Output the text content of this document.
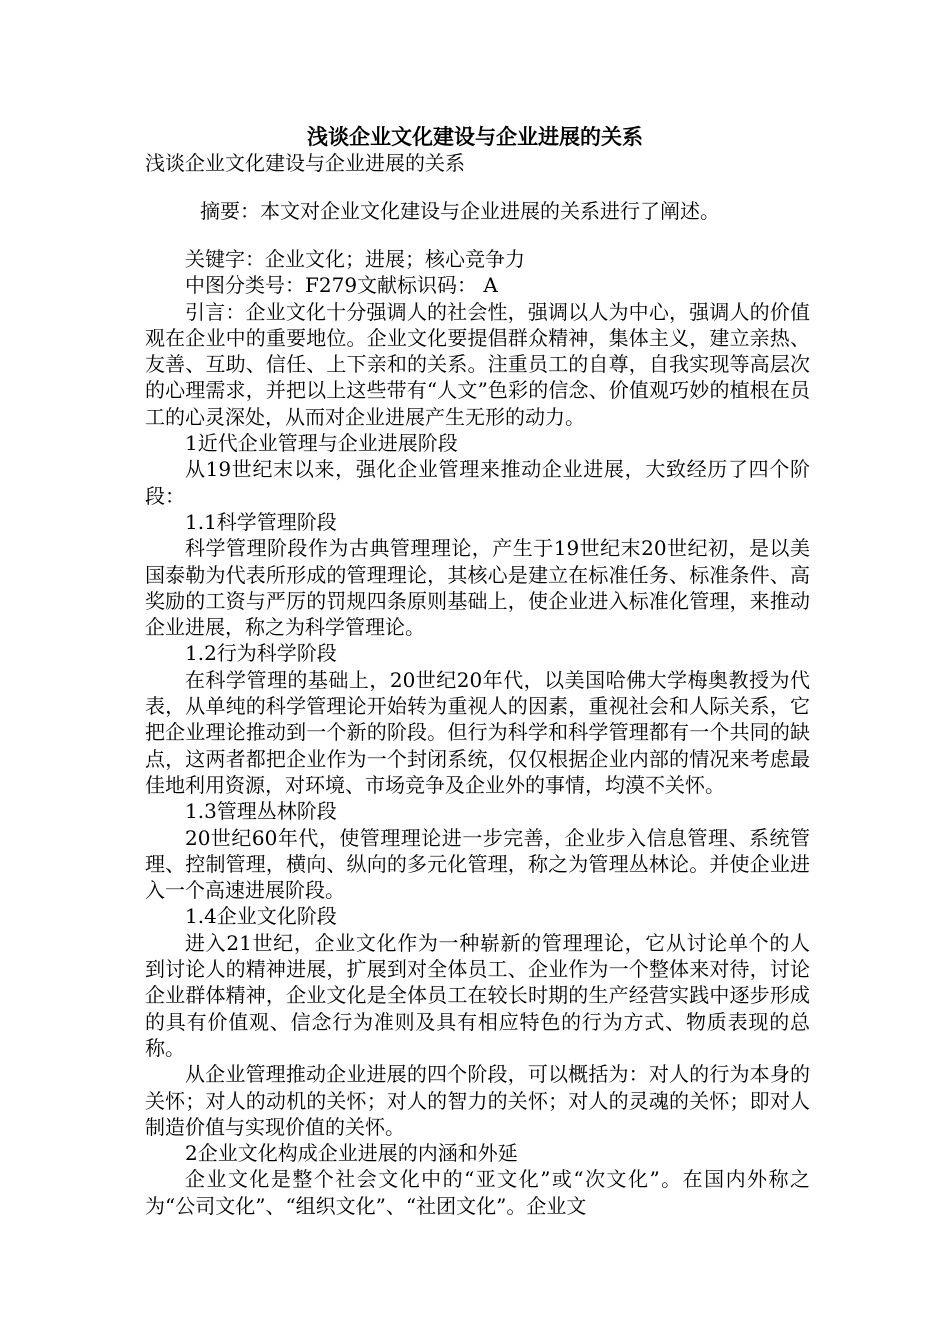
浅谈企业文化建设与企业进展的关系
浅谈企业文化建设与企业进展的关系
摘要：本文对企业文化建设与企业进展的关系进行了阐述。

关键字：企业文化；进展；核心竞争力

中图分类号：F279文献标识码： A

引言：企业文化十分强调人的社会性，强调以人为中心，强调人的价值观在企业中的重要地位。企业文化要提倡群众精神，集体主义，建立亲热、友善、互助、信任、上下亲和的关系。注重员工的自尊，自我实现等高层次的心理需求，并把以上这些带有“人文”色彩的信念、价值观巧妙的植根在员工的心灵深处，从而对企业进展产生无形的动力。

1近代企业管理与企业进展阶段

从19世纪末以来，强化企业管理来推动企业进展，大致经历了四个阶段：

1.1科学管理阶段

科学管理阶段作为古典管理理论，产生于19世纪末20世纪初，是以美国泰勒为代表所形成的管理理论，其核心是建立在标准任务、标准条件、高奖励的工资与严厉的罚规四条原则基础上，使企业进入标准化管理，来推动企业进展，称之为科学管理论。

1.2行为科学阶段

在科学管理的基础上，20世纪20年代，以美国哈佛大学梅奥教授为代表，从单纯的科学管理论开始转为重视人的因素，重视社会和人际关系，它把企业理论推动到一个新的阶段。但行为科学和科学管理都有一个共同的缺点，这两者都把企业作为一个封闭系统，仅仅根据企业内部的情况来考虑最佳地利用资源，对环境、市场竞争及企业外的事情，均漠不关怀。

1.3管理丛林阶段

20世纪60年代，使管理理论进一步完善，企业步入信息管理、系统管理、控制管理，横向、纵向的多元化管理，称之为管理丛林论。并使企业进入一个高速进展阶段。

1.4企业文化阶段

进入21世纪，企业文化作为一种崭新的管理理论，它从讨论单个的人到讨论人的精神进展，扩展到对全体员工、企业作为一个整体来对待，讨论企业群体精神，企业文化是全体员工在较长时期的生产经营实践中逐步形成的具有价值观、信念行为准则及具有相应特色的行为方式、物质表现的总称。

从企业管理推动企业进展的四个阶段，可以概括为：对人的行为本身的关怀；对人的动机的关怀；对人的智力的关怀；对人的灵魂的关怀；即对人制造价值与实现价值的关怀。

2企业文化构成企业进展的内涵和外延

企业文化是整个社会文化中的“亚文化”或“次文化”。在国内外称之为“公司文化”、“组织文化”、“社团文化”。企业文
